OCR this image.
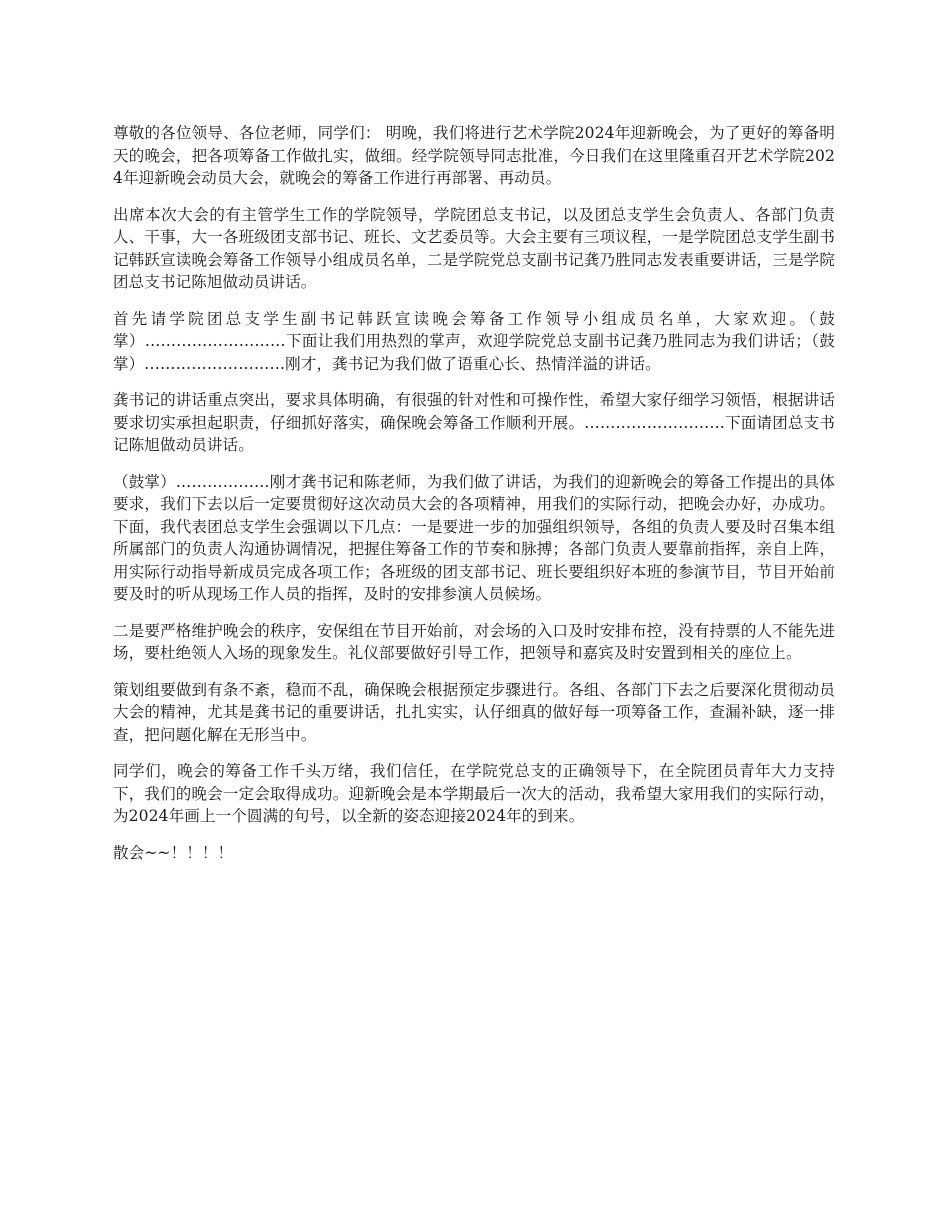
尊敬的各位领导、各位老师，同学们： 明晚，我们将进行艺术学院2024年迎新晚会，为了更好的筹备明天的晚会，把各项筹备工作做扎实，做细。经学院领导同志批准，今日我们在这里隆重召开艺术学院2024年迎新晚会动员大会，就晚会的筹备工作进行再部署、再动员。

出席本次大会的有主管学生工作的学院领导，学院团总支书记，以及团总支学生会负责人、各部门负责人、干事，大一各班级团支部书记、班长、文艺委员等。大会主要有三项议程，一是学院团总支学生副书记韩跃宣读晚会筹备工作领导小组成员名单，二是学院党总支副书记龚乃胜同志发表重要讲话，三是学院团总支书记陈旭做动员讲话。

首先请学院团总支学生副书记韩跃宣读晚会筹备工作领导小组成员名单，大家欢迎。（鼓掌）………………………下面让我们用热烈的掌声，欢迎学院党总支副书记龚乃胜同志为我们讲话；（鼓掌）………………………刚才，龚书记为我们做了语重心长、热情洋溢的讲话。

龚书记的讲话重点突出，要求具体明确，有很强的针对性和可操作性，希望大家仔细学习领悟，根据讲话要求切实承担起职责，仔细抓好落实，确保晚会筹备工作顺利开展。………………………下面请团总支书记陈旭做动员讲话。

（鼓掌）………………刚才龚书记和陈老师，为我们做了讲话，为我们的迎新晚会的筹备工作提出的具体要求，我们下去以后一定要贯彻好这次动员大会的各项精神，用我们的实际行动，把晚会办好，办成功。下面，我代表团总支学生会强调以下几点：一是要进一步的加强组织领导，各组的负责人要及时召集本组所属部门的负责人沟通协调情况，把握住筹备工作的节奏和脉搏；各部门负责人要靠前指挥，亲自上阵，用实际行动指导新成员完成各项工作；各班级的团支部书记、班长要组织好本班的参演节目，节目开始前要及时的听从现场工作人员的指挥，及时的安排参演人员候场。

二是要严格维护晚会的秩序，安保组在节目开始前，对会场的入口及时安排布控，没有持票的人不能先进场，要杜绝领人入场的现象发生。礼仪部要做好引导工作，把领导和嘉宾及时安置到相关的座位上。

策划组要做到有条不紊，稳而不乱，确保晚会根据预定步骤进行。各组、各部门下去之后要深化贯彻动员大会的精神，尤其是龚书记的重要讲话，扎扎实实，认仔细真的做好每一项筹备工作，查漏补缺，逐一排查，把问题化解在无形当中。

同学们，晚会的筹备工作千头万绪，我们信任，在学院党总支的正确领导下，在全院团员青年大力支持下，我们的晚会一定会取得成功。迎新晚会是本学期最后一次大的活动，我希望大家用我们的实际行动，为2024年画上一个圆满的句号，以全新的姿态迎接2024年的到来。

散会~~！！！！
